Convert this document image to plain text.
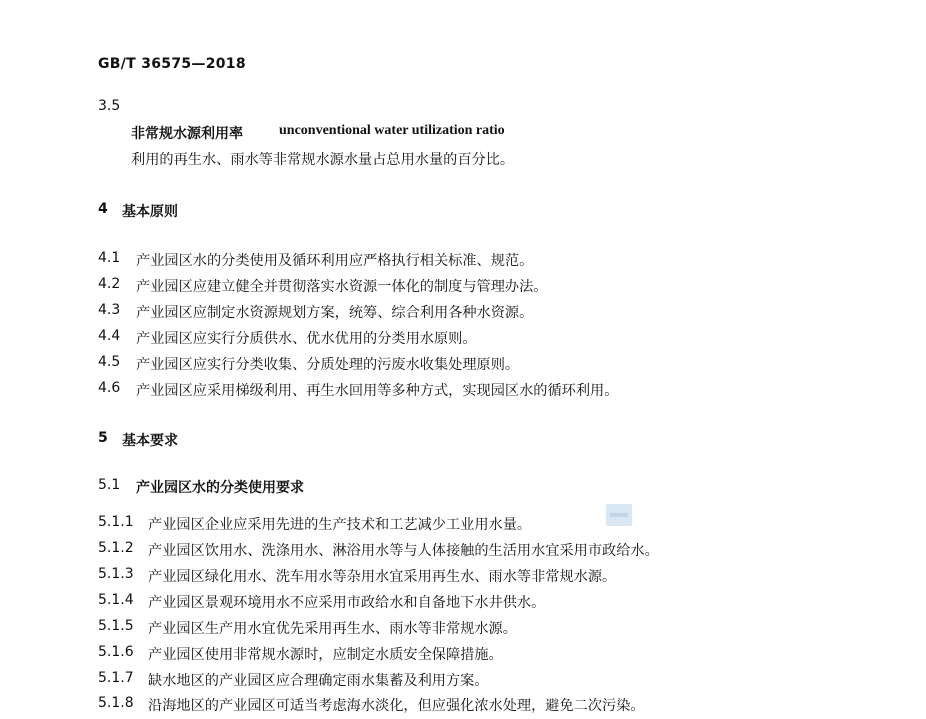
GB/T 36575—2018
3.5
非常规水源利用率	unconventional water utilization ratio
利用的再生水、雨水等非常规水源水量占总用水量的百分比。
4 基本原则
4.1 产业园区水的分类使用及循环利用应严格执行相关标准、规范。
4.2 产业园区应建立健全并贯彻落实水资源一体化的制度与管理办法。
4.3 产业园区应制定水资源规划方案，统筹、综合利用各种水资源。
4.4 产业园区应实行分质供水、优水优用的分类用水原则。
4.5 产业园区应实行分类收集、分质处理的污废水收集处理原则。
4.6 产业园区应采用梯级利用、再生水回用等多种方式，实现园区水的循环利用。
5 基本要求
5.1 产业园区水的分类使用要求
5.1.1 产业园区企业应采用先进的生产技术和工艺减少工业用水量。
5.1.2 产业园区饮用水、洗涤用水、淋浴用水等与人体接触的生活用水宜采用市政给水。
5.1.3 产业园区绿化用水、洗车用水等杂用水宜采用再生水、雨水等非常规水源。
5.1.4 产业园区景观环境用水不应采用市政给水和自备地下水井供水。
5.1.5 产业园区生产用水宜优先采用再生水、雨水等非常规水源。
5.1.6 产业园区使用非常规水源时，应制定水质安全保障措施。
5.1.7 缺水地区的产业园区应合理确定雨水集蓄及利用方案。
5.1.8 沿海地区的产业园区可适当考虑海水淡化，但应强化浓水处理，避免二次污染。
